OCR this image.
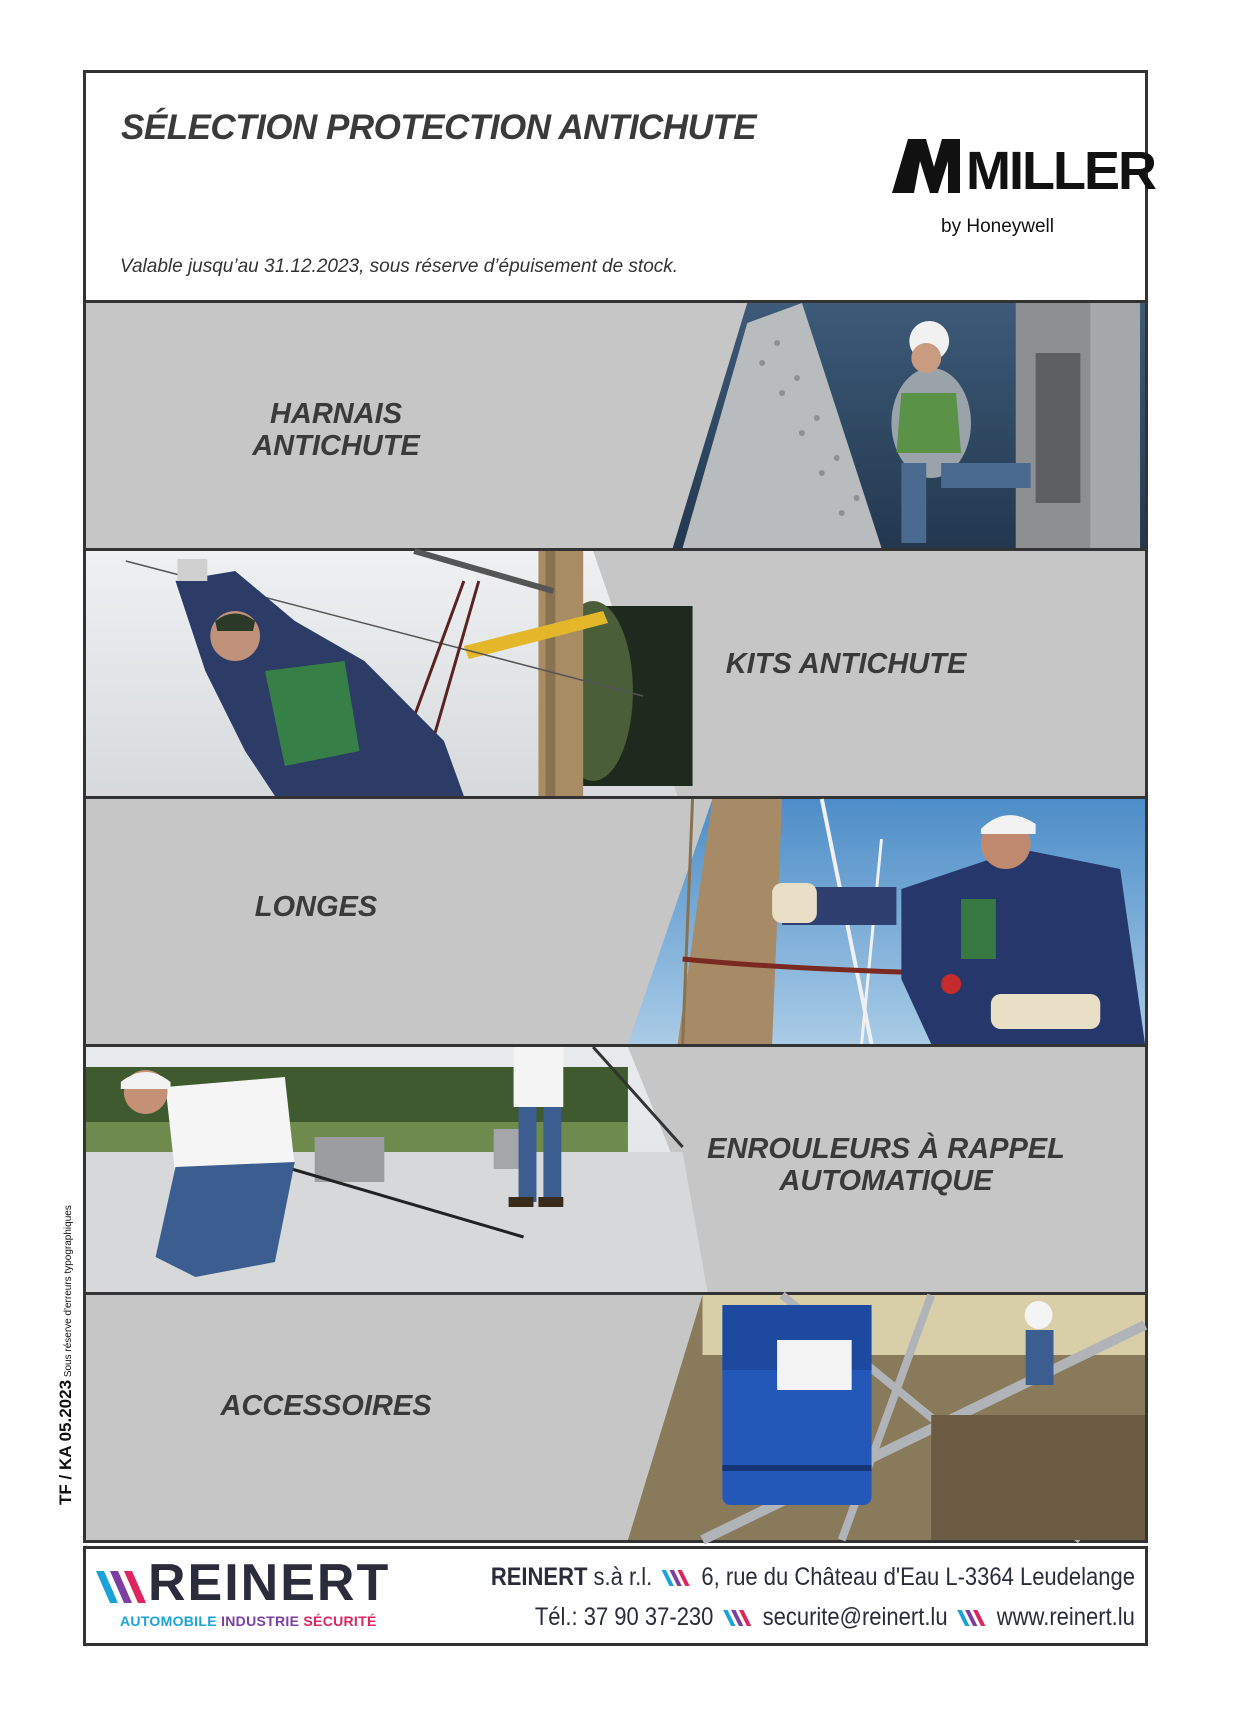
SÉLECTION PROTECTION ANTICHUTE
Valable jusqu’au 31.12.2023, sous réserve d’épuisement de stock.
MILLER
by Honeywell
HARNAIS ANTICHUTE
KITS ANTICHUTE
LONGES
ENROULEURS À RAPPEL
AUTOMATIQUE
ACCESSOIRES
REINERT
AUTOMOBILE INDUSTRIE SÉCURITÉ
REINERT s.à r.l. 6, rue du Château d'Eau L-3364 Leudelange
Tél.: 37 90 37-230 securite@reinert.lu www.reinert.lu
TF / KA 05.2023 Sous réserve d'erreurs typographiques
